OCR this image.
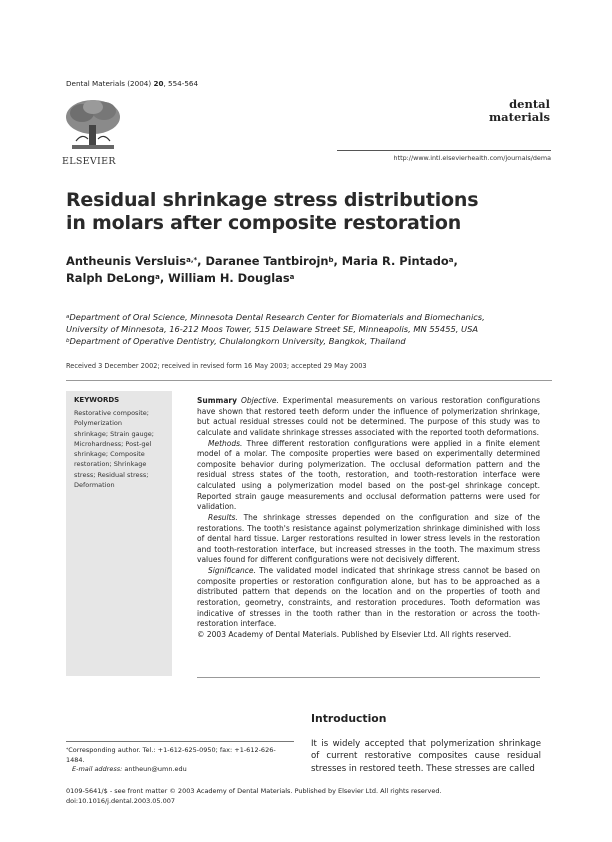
Dental Materials (2004) 20, 554-564
ELSEVIER
dental
materials
http://www.intl.elsevierhealth.com/journals/dema
Residual shrinkage stress distributions
in molars after composite restoration
Antheunis Versluis$^{a,*}$, Daranee Tantbirojn$^b$, Maria R. Pintado$^a$,
Ralph DeLong$^a$, William H. Douglas$^a$
$^a$Department of Oral Science, Minnesota Dental Research Center for Biomaterials and Biomechanics,
University of Minnesota, 16-212 Moos Tower, 515 Delaware Street SE, Minneapolis, MN 55455, USA
$^b$Department of Operative Dentistry, Chulalongkorn University, Bangkok, Thailand
Received 3 December 2002; received in revised form 16 May 2003; accepted 29 May 2003
KEYWORDS
Restorative composite;
Polymerization
shrinkage; Strain gauge;
Microhardness; Post-gel
shrinkage; Composite
restoration; Shrinkage
stress; Residual stress;
Deformation

Summary Objective. Experimental measurements on various restoration configurations have shown that restored teeth deform under the influence of polymerization shrinkage, but actual residual stresses could not be determined. The purpose of this study was to calculate and validate shrinkage stresses associated with the reported tooth deformations.

Methods. Three different restoration configurations were applied in a finite element model of a molar. The composite properties were based on experimentally determined composite behavior during polymerization. The occlusal deformation pattern and the residual stress states of the tooth, restoration, and tooth-restoration interface were calculated using a polymerization model based on the post-gel shrinkage concept. Reported strain gauge measurements and occlusal deformation patterns were used for validation.

Results. The shrinkage stresses depended on the configuration and size of the restorations. The tooth's resistance against polymerization shrinkage diminished with loss of dental hard tissue. Larger restorations resulted in lower stress levels in the restoration and tooth-restoration interface, but increased stresses in the tooth. The maximum stress values found for different configurations were not decisively different.

Significance. The validated model indicated that shrinkage stress cannot be based on composite properties or restoration configuration alone, but has to be approached as a distributed pattern that depends on the location and on the properties of tooth and restoration, geometry, constraints, and restoration procedures. Tooth deformation was indicative of stresses in the tooth rather than in the restoration or across the tooth-restoration interface.

© 2003 Academy of Dental Materials. Published by Elsevier Ltd. All rights reserved.

Introduction
It is widely accepted that polymerization shrinkage of current restorative composites cause residual stresses in restored teeth. These stresses are called
*Corresponding author. Tel.: +1-612-625-0950; fax: +1-612-626-1484.
E-mail address: antheun@umn.edu
0109-5641/$ - see front matter © 2003 Academy of Dental Materials. Published by Elsevier Ltd. All rights reserved.
doi:10.1016/j.dental.2003.05.007
